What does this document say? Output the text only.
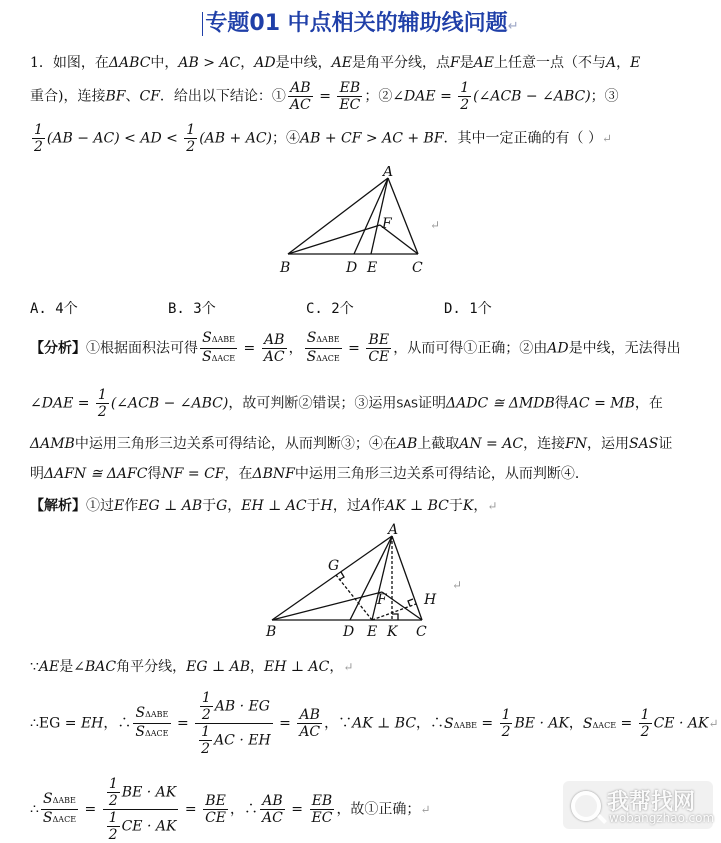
专题01 中点相关的辅助线问题↵
1．如图，在ΔABC中，AB > AC，AD是中线，AE是角平分线，点F是AE上任意一点（不与A，E
重合)，连接BF、CF．给出以下结论：① $\frac{AB}{AC} = \frac{EB}{EC}$ ；②∠DAE = $\frac{1}{2}$ (∠ACB − ∠ABC)；③
$\frac{1}{2} (AB - AC)$ < AD < $\frac{1}{2} (AB + AC)$；④AB + CF > AC + BF．其中一定正确的有（ ）↵
A
B	C
D E
F	↵
A. 4个	B. 3个	C. 2个	D. 1个
【分析】①根据面积法可得 $\frac{\text{SΔABE}}{\text{SΔACE}} = \frac{AB}{AC}$ ， $\frac{\text{SΔABE}}{\text{SΔACE}} = \frac{BE}{CE}$ ，从而可得①正确；②由AD是中线，无法得出
∠DAE = $\frac{1}{2}$ (∠ACB − ∠ABC)，故可判断②错误；③运用SAS证明ΔADC ≅ ΔMDB得AC = MB，在
ΔAMB中运用三角形三边关系可得结论，从而判断③；④在AB上截取AN = AC，连接FN，运用SAS证
明ΔAFN ≅ ΔAFC得NF = CF，在ΔBNF中运用三角形三边关系可得结论，从而判断④．
【解析】①过E作EG ⊥ AB于G，EH ⊥ AC于H，过A作AK ⊥ BC于K，↵
A
B	C
D E K
F
G
H
↵
∵AE是∠BAC角平分线，EG ⊥ AB，EH ⊥ AC，↵
∴EG = EH，∴ $\frac{\text{SΔABE}}{\text{SΔACE}} = \frac{\frac{1}{2} AB \cdot EG}{\frac{1}{2} AC \cdot EH} = \frac{AB}{AC}$ ，∵AK ⊥ BC，∴SΔABE = $\frac{1}{2}$ BE · AK，$S\Delta ACE = \frac{1}{2}$ CE · AK↵
∴ $\frac{\text{SΔABE}}{\text{SΔACE}} = \frac{\frac{1}{2} BE \cdot AK}{\frac{1}{2} CE \cdot AK} = \frac{BE}{CE}$ ，∴ $\frac{AB}{AC} = \frac{EB}{EC}$ ，故①正确；↵	我帮找网
wobangzhao.com
